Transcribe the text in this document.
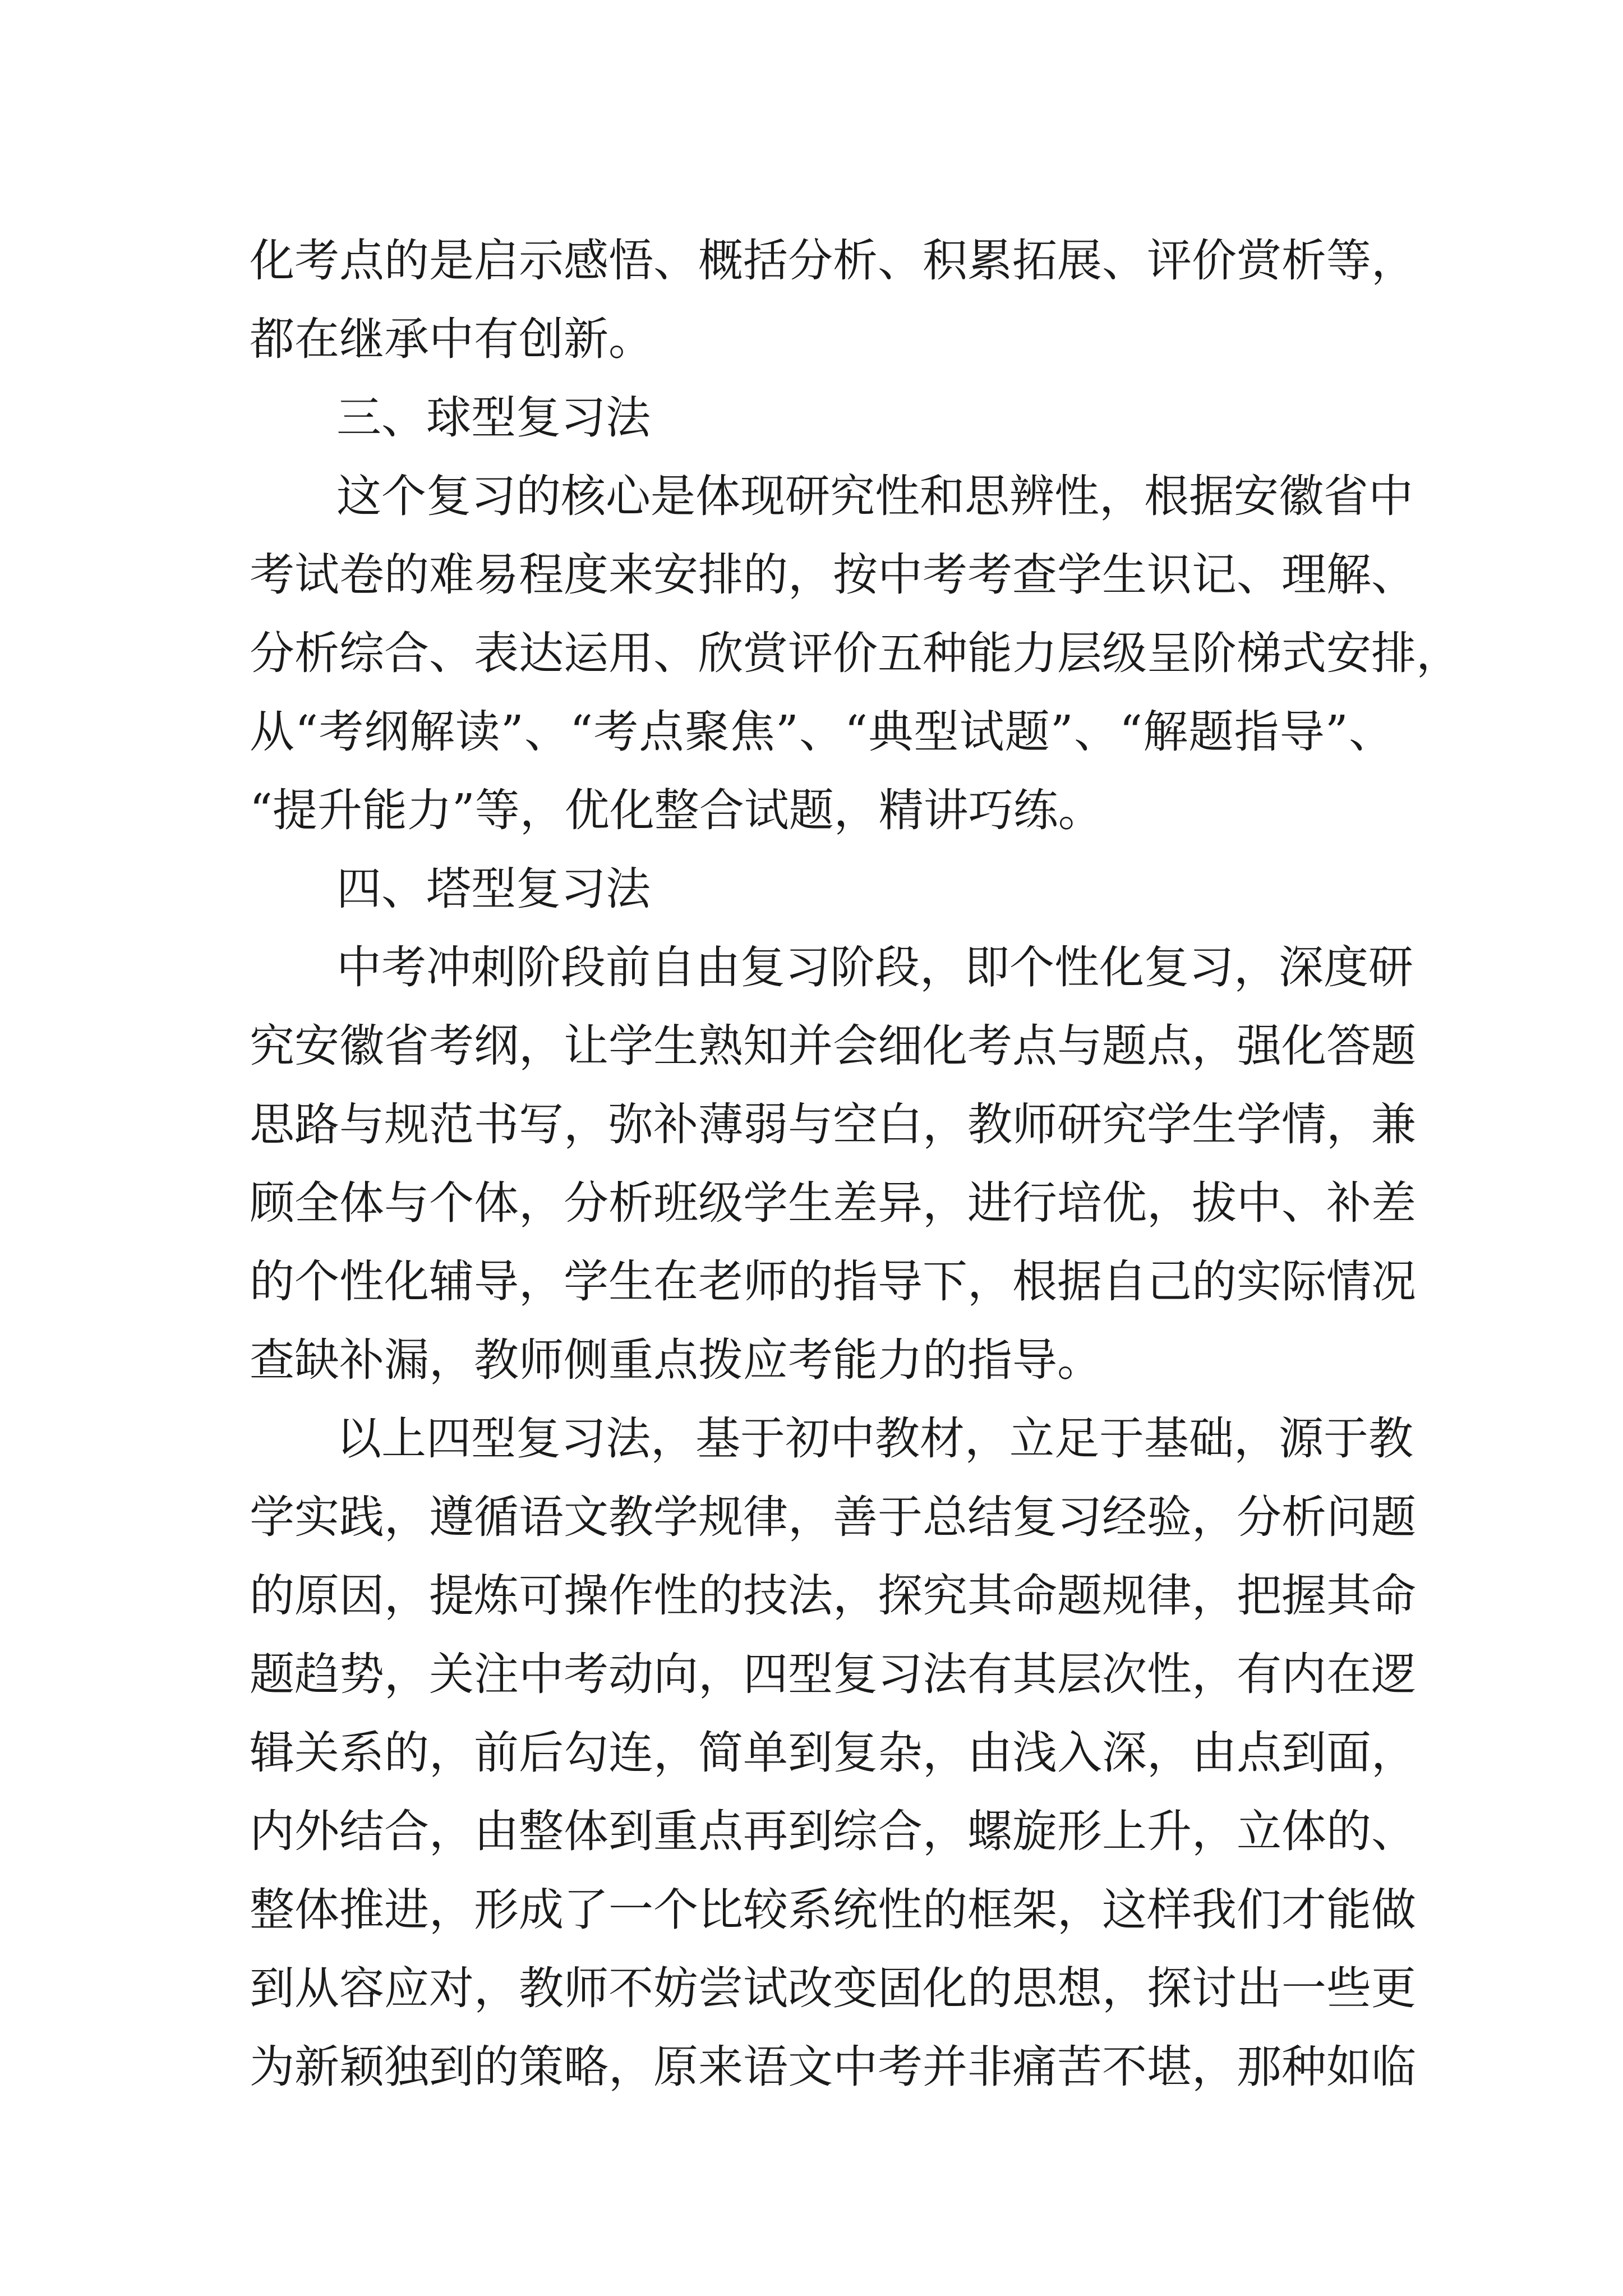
化考点的是启示感悟、概括分析、积累拓展、评价赏析等，
都在继承中有创新。
三、球型复习法
这个复习的核心是体现研究性和思辨性，根据安徽省中
考试卷的难易程度来安排的，按中考考查学生识记、理解、
分析综合、表达运用、欣赏评价五种能力层级呈阶梯式安排，
从“考纲解读”、“考点聚焦”、“典型试题”、“解题指导”、
“提升能力”等，优化整合试题，精讲巧练。
四、塔型复习法
中考冲刺阶段前自由复习阶段，即个性化复习，深度研
究安徽省考纲，让学生熟知并会细化考点与题点，强化答题
思路与规范书写，弥补薄弱与空白，教师研究学生学情，兼
顾全体与个体，分析班级学生差异，进行培优，拔中、补差
的个性化辅导，学生在老师的指导下，根据自己的实际情况
查缺补漏，教师侧重点拨应考能力的指导。
以上四型复习法，基于初中教材，立足于基础，源于教
学实践，遵循语文教学规律，善于总结复习经验，分析问题
的原因，提炼可操作性的技法，探究其命题规律，把握其命
题趋势，关注中考动向，四型复习法有其层次性，有内在逻
辑关系的，前后勾连，简单到复杂，由浅入深，由点到面，
内外结合，由整体到重点再到综合，螺旋形上升，立体的、
整体推进，形成了一个比较系统性的框架，这样我们才能做
到从容应对，教师不妨尝试改变固化的思想，探讨出一些更
为新颖独到的策略，原来语文中考并非痛苦不堪，那种如临
